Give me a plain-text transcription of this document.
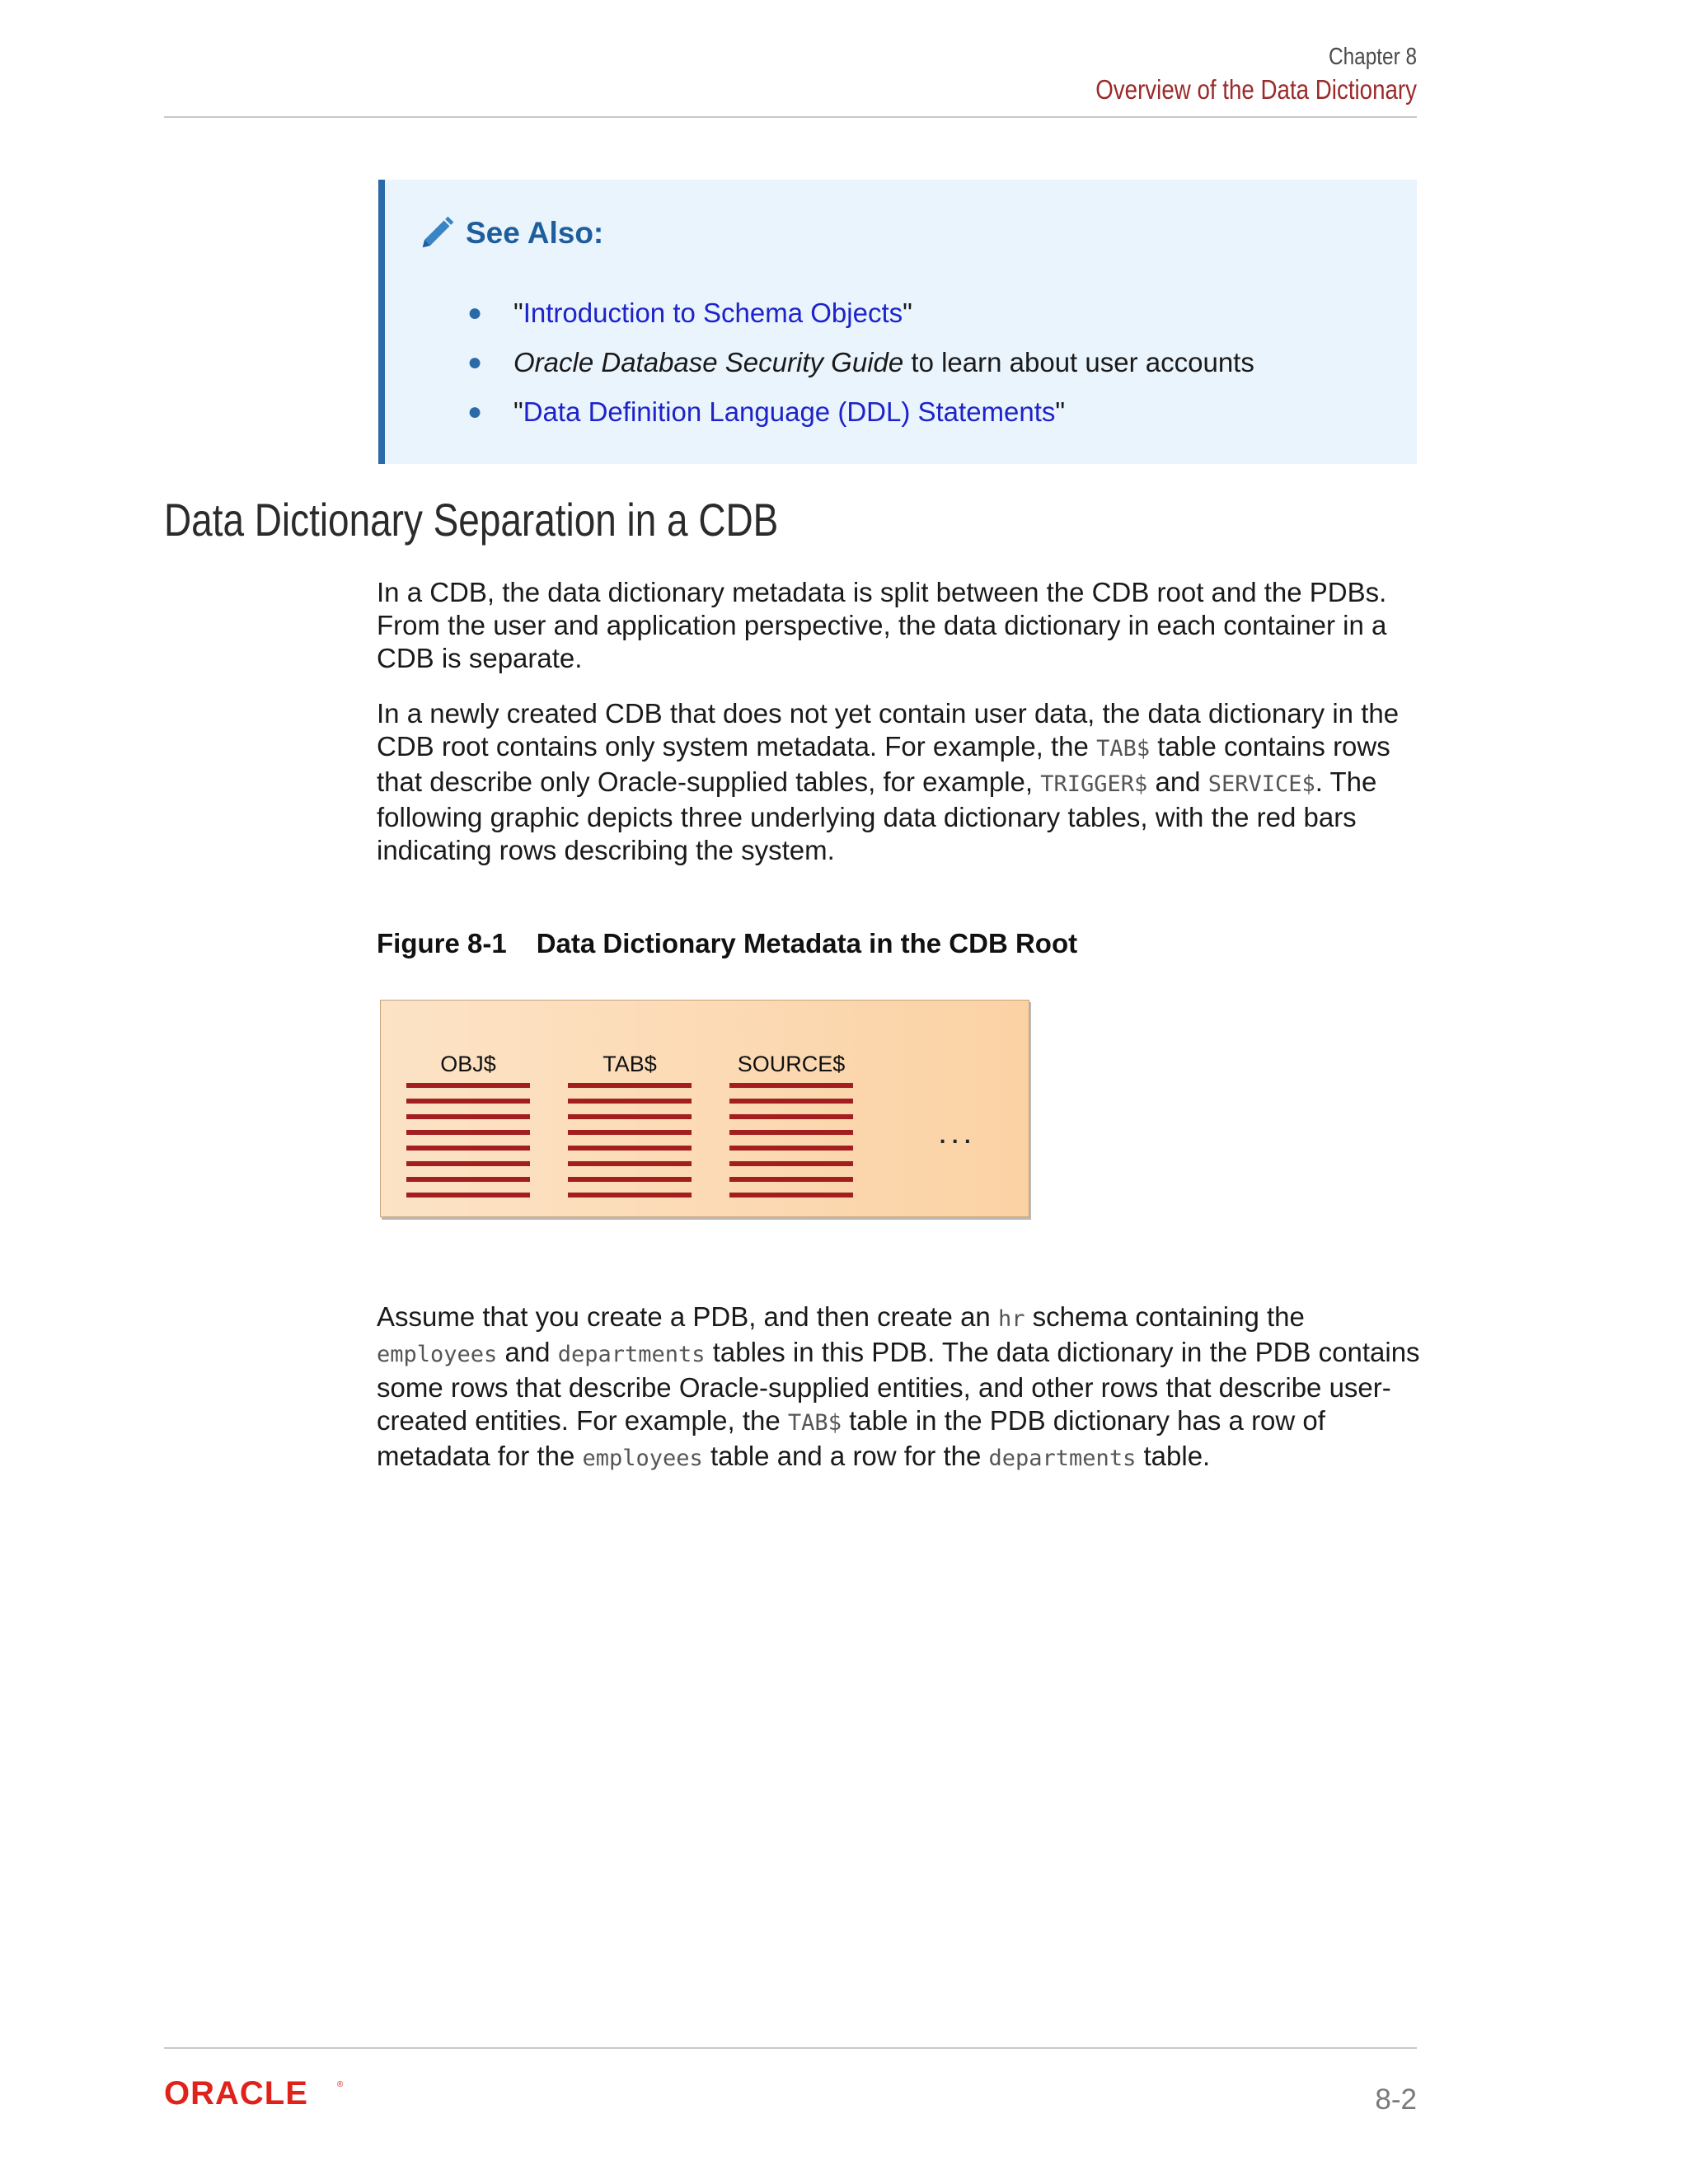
Chapter 8
Overview of the Data Dictionary
See Also:
●	"Introduction to Schema Objects"
●	Oracle Database Security Guide to learn about user accounts
●	"Data Definition Language (DDL) Statements"
Data Dictionary Separation in a CDB

In a CDB, the data dictionary metadata is split between the CDB root and the PDBs. From the user and application perspective, the data dictionary in each container in a CDB is separate.

In a newly created CDB that does not yet contain user data, the data dictionary in the CDB root contains only system metadata. For example, the TAB$ table contains rows that describe only Oracle-supplied tables, for example, TRIGGER$ and SERVICE$. The following graphic depicts three underlying data dictionary tables, with the red bars indicating rows describing the system.

Figure 8-1 Data Dictionary Metadata in the CDB Root
OBJ$	TAB$	SOURCE$
...

Assume that you create a PDB, and then create an hr schema containing the employees and departments tables in this PDB. The data dictionary in the PDB contains some rows that describe Oracle-supplied entities, and other rows that describe user-created entities. For example, the TAB$ table in the PDB dictionary has a row of metadata for the employees table and a row for the departments table.

ORACLE	®	8-2
